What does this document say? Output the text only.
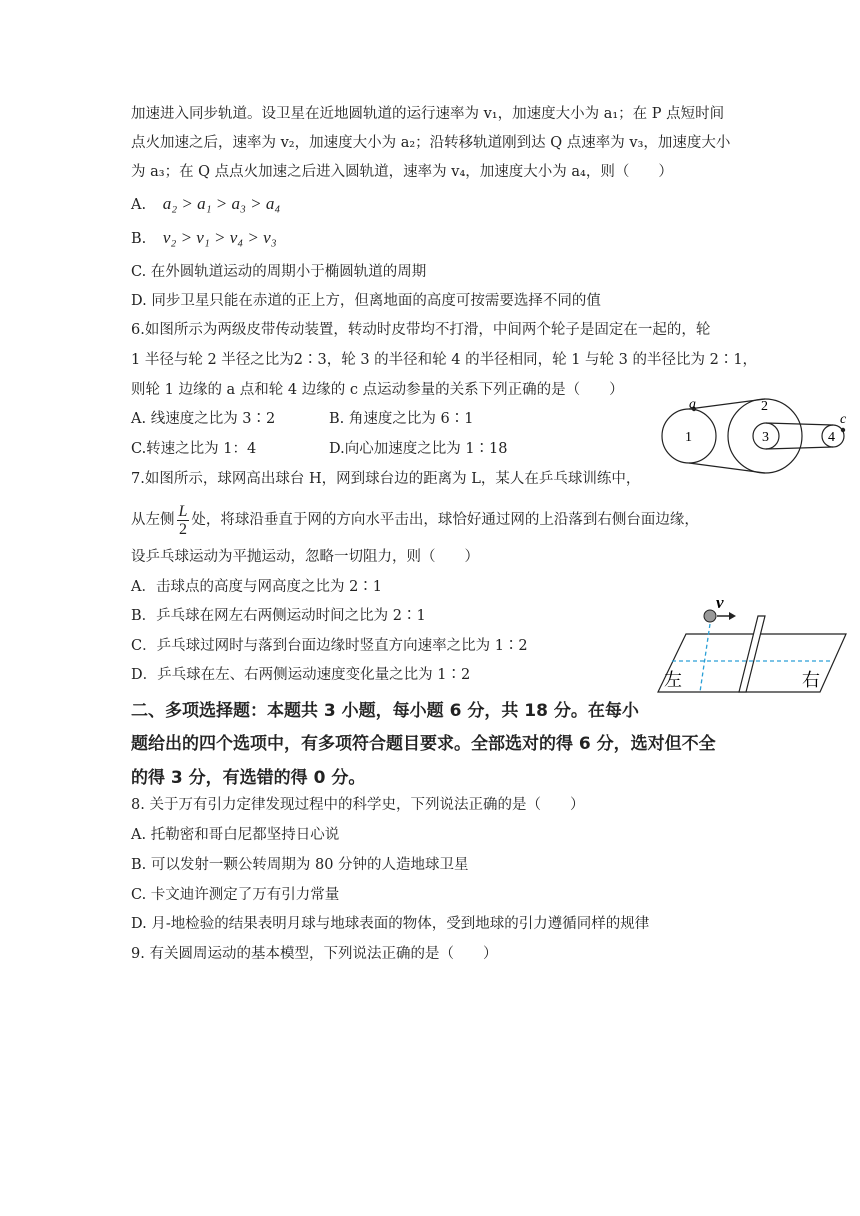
加速进入同步轨道。设卫星在近地圆轨道的运行速率为 v₁，加速度大小为 a₁；在 P 点短时间
点火加速之后，速率为 v₂，加速度大小为 a₂；沿转移轨道刚到达 Q 点速率为 v₃，加速度大小
为 a₃；在 Q 点点火加速之后进入圆轨道，速率为 v₄，加速度大小为 a₄，则（　　）
A. a₂ > a₁ > a₃ > a₄
B. v₂ > v₁ > v₄ > v₃
C. 在外圆轨道运动的周期小于椭圆轨道的周期
D. 同步卫星只能在赤道的正上方，但离地面的高度可按需要选择不同的值
6.如图所示为两级皮带传动装置，转动时皮带均不打滑，中间两个轮子是固定在一起的，轮
1 半径与轮 2 半径之比为2∶3，轮 3 的半径和轮 4 的半径相同，轮 1 与轮 3 的半径比为 2∶1，
则轮 1 边缘的 a 点和轮 4 边缘的 c 点运动参量的关系下列正确的是（　　）
A. 线速度之比为 3∶2	B. 角速度之比为 6∶1
C.转速之比为 1：4	D.向心加速度之比为 1∶18
a	2
c
1	3	4
7.如图所示，球网高出球台 H，网到球台边的距离为 L，某人在乒乓球训练中，
从左侧 $\frac{L}{2}$ 处，将球沿垂直于网的方向水平击出，球恰好通过网的上沿落到右侧台面边缘，
设乒乓球运动为平抛运动，忽略一切阻力，则（　　）
A．击球点的高度与网高度之比为 2∶1
B．乒乓球在网左右两侧运动时间之比为 2∶1
C．乒乓球过网时与落到台面边缘时竖直方向速率之比为 1∶2
D．乒乓球在左、右两侧运动速度变化量之比为 1∶2
v
左	右
二、多项选择题：本题共 3 小题，每小题 6 分，共 18 分。在每小
题给出的四个选项中，有多项符合题目要求。全部选对的得 6 分，选对但不全
的得 3 分，有选错的得 0 分。
8. 关于万有引力定律发现过程中的科学史，下列说法正确的是（　　）
A. 托勒密和哥白尼都坚持日心说
B. 可以发射一颗公转周期为 80 分钟的人造地球卫星
C. 卡文迪许测定了万有引力常量
D. 月-地检验的结果表明月球与地球表面的物体，受到地球的引力遵循同样的规律
9. 有关圆周运动的基本模型，下列说法正确的是（　　）
